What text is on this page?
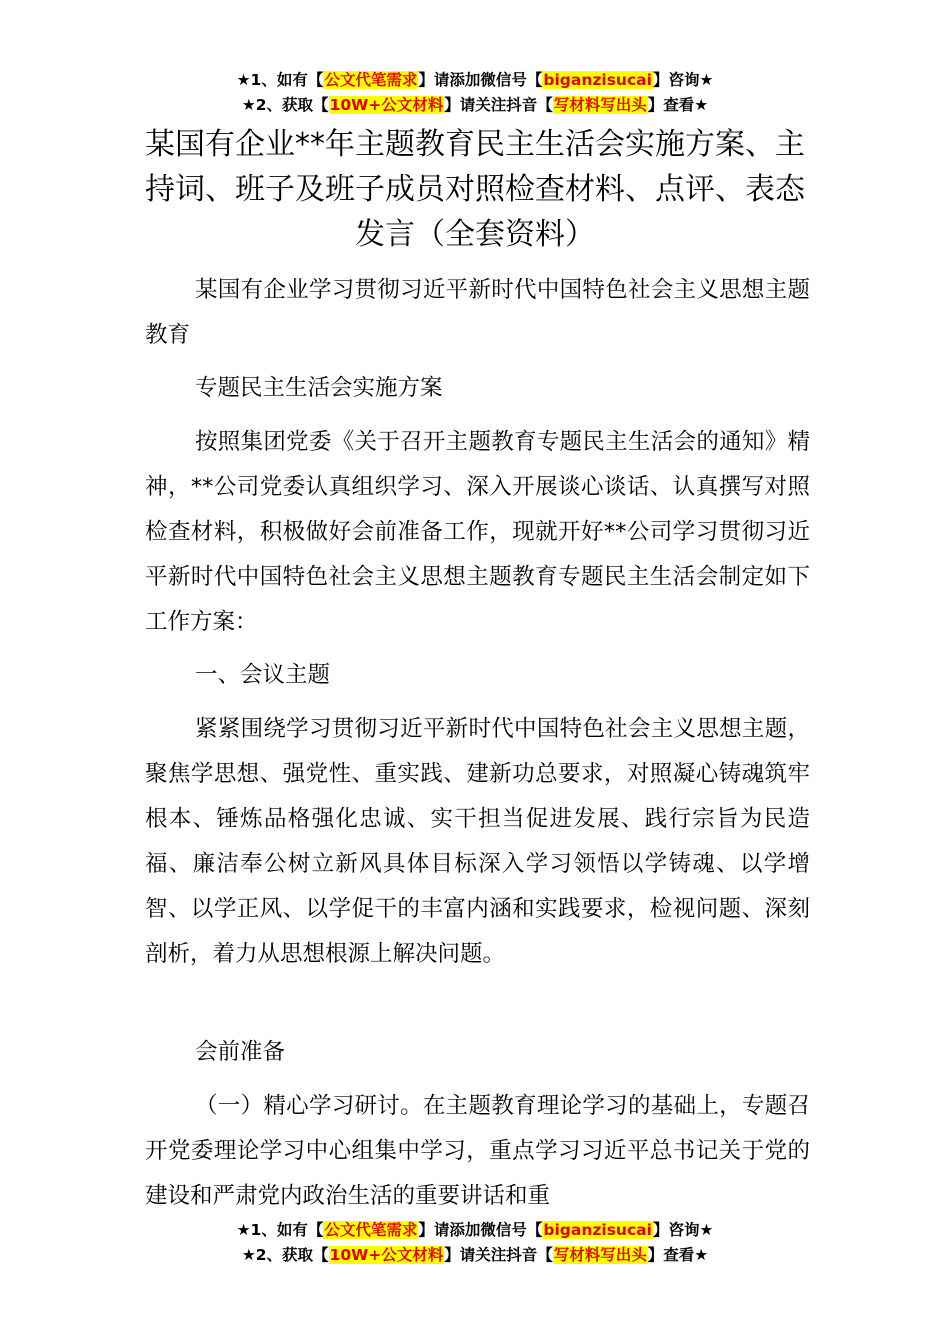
★1、如有【公文代笔需求】请添加微信号【biganzisucai】咨询★
★2、获取【10W+公文材料】请关注抖音【写材料写出头】查看★
某国有企业**年主题教育民主生活会实施方案、主持词、班子及班子成员对照检查材料、点评、表态发言（全套资料）

某国有企业学习贯彻习近平新时代中国特色社会主义思想主题教育

专题民主生活会实施方案

按照集团党委《关于召开主题教育专题民主生活会的通知》精神，**公司党委认真组织学习、深入开展谈心谈话、认真撰写对照检查材料，积极做好会前准备工作，现就开好**公司学习贯彻习近平新时代中国特色社会主义思想主题教育专题民主生活会制定如下工作方案：

一、会议主题

紧紧围绕学习贯彻习近平新时代中国特色社会主义思想主题，聚焦学思想、强党性、重实践、建新功总要求，对照凝心铸魂筑牢根本、锤炼品格强化忠诚、实干担当促进发展、践行宗旨为民造福、廉洁奉公树立新风具体目标深入学习领悟以学铸魂、以学增智、以学正风、以学促干的丰富内涵和实践要求，检视问题、深刻剖析，着力从思想根源上解决问题。

会前准备

（一）精心学习研讨。在主题教育理论学习的基础上，专题召开党委理论学习中心组集中学习，重点学习习近平总书记关于党的建设和严肃党内政治生活的重要讲话和重

★1、如有【公文代笔需求】请添加微信号【biganzisucai】咨询★
★2、获取【10W+公文材料】请关注抖音【写材料写出头】查看★
